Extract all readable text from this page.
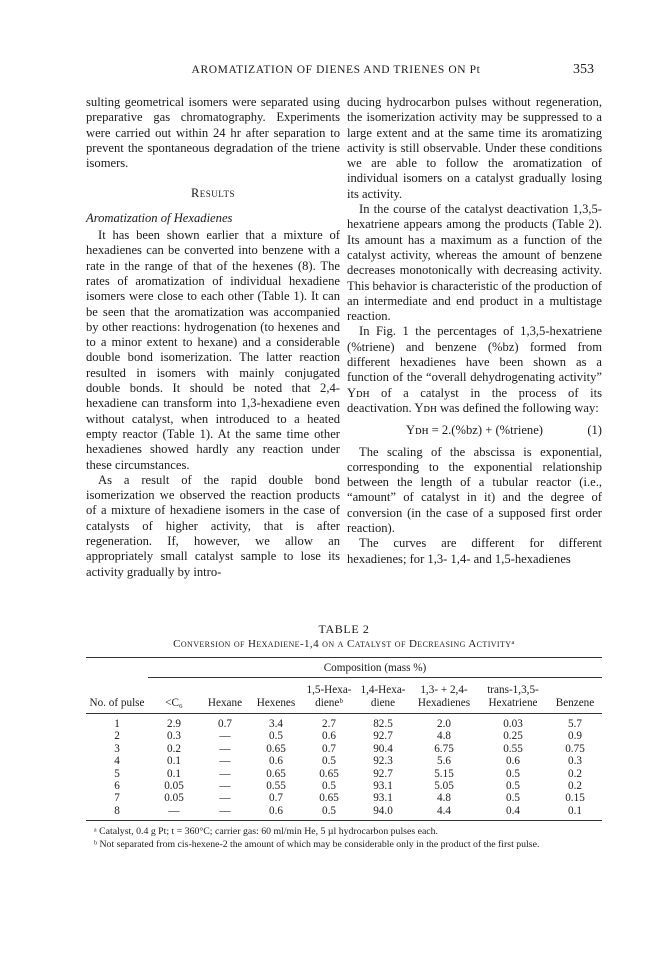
AROMATIZATION OF DIENES AND TRIENES ON Pt	353

sulting geometrical isomers were separated using preparative gas chromatography. Experiments were carried out within 24 hr after separation to prevent the spontaneous degradation of the triene isomers.

Results
Aromatization of Hexadienes

It has been shown earlier that a mixture of hexadienes can be converted into benzene with a rate in the range of that of the hexenes (8). The rates of aromatization of individual hexadiene isomers were close to each other (Table 1). It can be seen that the aromatization was accompanied by other reactions: hydrogenation (to hexenes and to a minor extent to hexane) and a considerable double bond isomerization. The latter reaction resulted in isomers with mainly conjugated double bonds. It should be noted that 2,4-hexadiene can transform into 1,3-hexadiene even without catalyst, when introduced to a heated empty reactor (Table 1). At the same time other hexadienes showed hardly any reaction under these circumstances.

As a result of the rapid double bond isomerization we observed the reaction products of a mixture of hexadiene isomers in the case of catalysts of higher activity, that is after regeneration. If, however, we allow an appropriately small catalyst sample to lose its activity gradually by intro-

ducing hydrocarbon pulses without regeneration, the isomerization activity may be suppressed to a large extent and at the same time its aromatizing activity is still observable. Under these conditions we are able to follow the aromatization of individual isomers on a catalyst gradually losing its activity.

In the course of the catalyst deactivation 1,3,5-hexatriene appears among the products (Table 2). Its amount has a maximum as a function of the catalyst activity, whereas the amount of benzene decreases monotonically with decreasing activity. This behavior is characteristic of the production of an intermediate and end product in a multistage reaction.

In Fig. 1 the percentages of 1,3,5-hexatriene (%triene) and benzene (%bz) formed from different hexadienes have been shown as a function of the “overall dehydrogenating activity” Yᴅʜ of a catalyst in the process of its deactivation. Yᴅʜ was defined the following way:

Yᴅʜ = 2.(%bz) + (%triene)	(1)

The scaling of the abscissa is exponential, corresponding to the exponential relationship between the length of a tubular reactor (i.e., “amount” of catalyst in it) and the degree of conversion (in the case of a supposed first order reaction).

The curves are different for different hexadienes; for 1,3- 1,4- and 1,5-hexadienes

TABLE 2
Conversion of Hexadiene-1,4 on a Catalyst of Decreasing Activityᵃ
	Composition (mass %)							
No. of pulse	<C₆	Hexane	Hexenes	1,5-Hexa- dieneᵇ	1,4-Hexa- diene	1,3- + 2,4- Hexadienes	trans-1,3,5- Hexatriene	Benzene
1	2.9	0.7	3.4	2.7	82.5	2.0	0.03	5.7
2	0.3	—	0.5	0.6	92.7	4.8	0.25	0.9
3	0.2	—	0.65	0.7	90.4	6.75	0.55	0.75
4	0.1	—	0.6	0.5	92.3	5.6	0.6	0.3
5	0.1	—	0.65	0.65	92.7	5.15	0.5	0.2
6	0.05	—	0.55	0.5	93.1	5.05	0.5	0.2
7	0.05	—	0.7	0.65	93.1	4.8	0.5	0.15
8	—	—	0.6	0.5	94.0	4.4	0.4	0.1

ᵃ Catalyst, 0.4 g Pt; t = 360°C; carrier gas: 60 ml/min He, 5 µl hydrocarbon pulses each.

ᵇ Not separated from cis-hexene-2 the amount of which may be considerable only in the product of the first pulse.
